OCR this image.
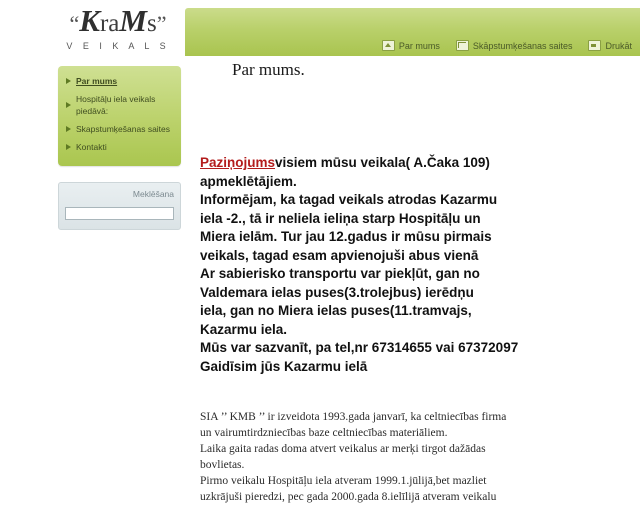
“KraMs”
V E I K A L S	Par mums	Skāpstumķešanas saites	Drukāt
Par mums
Hospitāļu iela veikals piedāvā:
Skapstumķešanas saites
Kontakti
Meklēšana
Par mums.

Paziņojumsvisiem mūsu veikala( A.Čaka 109)

apmeklētājiem.

Informējam, ka tagad veikals atrodas Kazarmu

iela -2., tā ir neliela ieliņa starp Hospitāļu un

Miera ielām. Tur jau 12.gadus ir mūsu pirmais

veikals, tagad esam apvienojuši abus vienā

Ar sabierisko transportu var piekļūt, gan no

Valdemara ielas puses(3.trolejbus) ierēdņu

iela, gan no Miera ielas puses(11.tramvajs,

Kazarmu iela.

Mūs var sazvanīt, pa tel,nr 67314655 vai 67372097

Gaidīsim jūs Kazarmu ielā

SIA ’’ KMB ’’ ir izveidota 1993.gada janvarī, ka celtniecības firma

un vairumtirdzniecības baze celtniecības materiāliem.

Laika gaita radas doma atvert veikalus ar merķi tirgot dažādas

bovlietas.

Pirmo veikalu Hospitāļu iela atveram 1999.1.jūlijā,bet mazliet

uzkrājuši pieredzi, pec gada 2000.gada 8.ielīlijā atveram veikalu
